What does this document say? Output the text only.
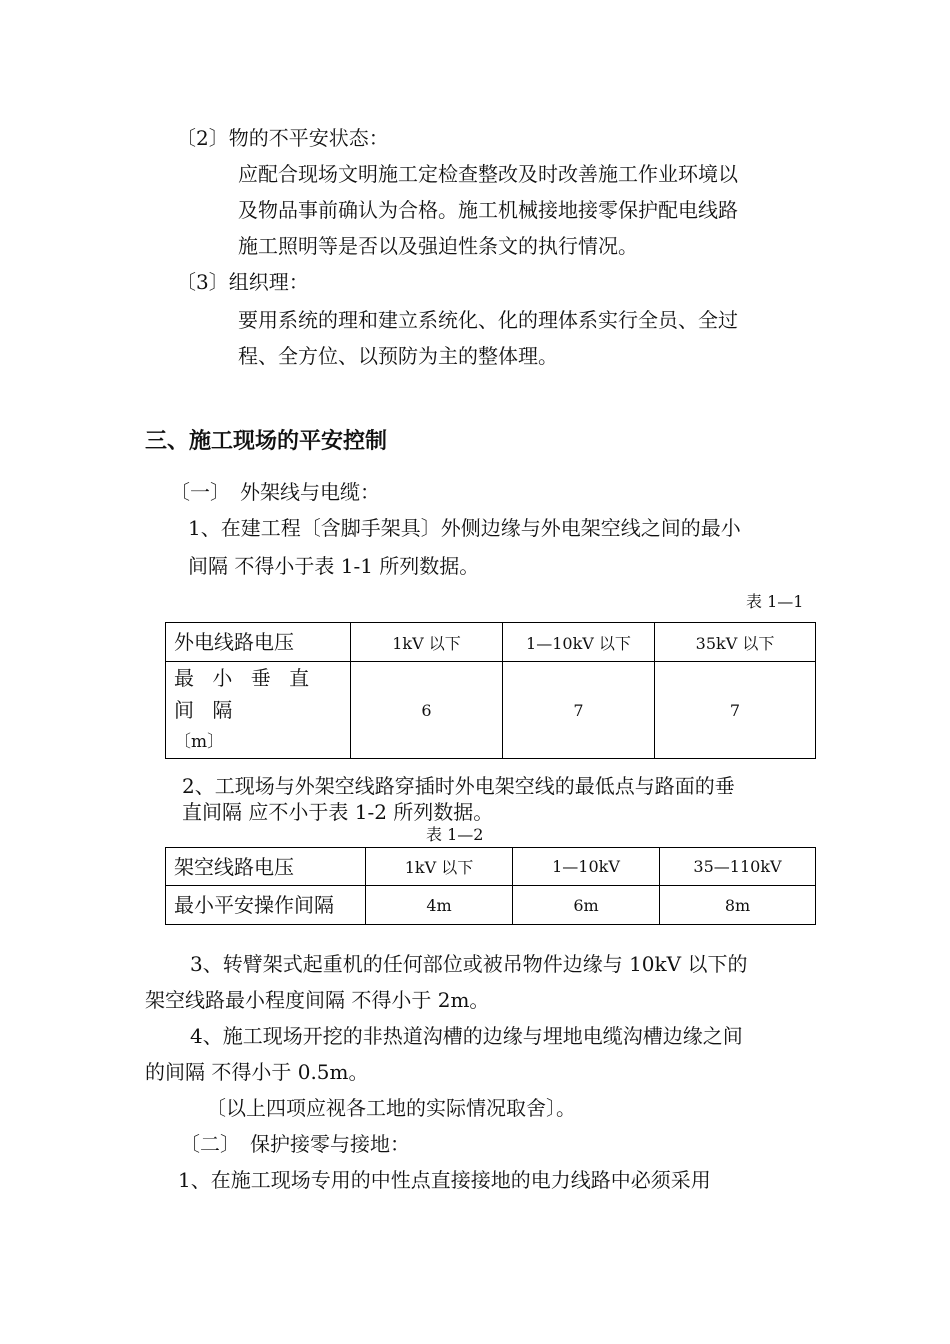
〔2〕物的不平安状态：
应配合现场文明施工定检查整改及时改善施工作业环境以
及物品事前确认为合格。施工机械接地接零保护配电线路
施工照明等是否以及强迫性条文的执行情况。
〔3〕组织理：
要用系统的理和建立系统化、化的理体系实行全员、全过
程、全方位、以预防为主的整体理。
三、施工现场的平安控制
〔一〕　外架线与电缆：
1、在建工程〔含脚手架具〕外侧边缘与外电架空线之间的最小
间隔 不得小于表 1-1 所列数据。
表 1—1
外电线路电压	1kV 以下	1—10kV 以下	35kV 以下

最 小 垂 直 间 隔
〔m〕	6	7	7
2、工现场与外架空线路穿插时外电架空线的最低点与路面的垂
直间隔 应不小于表 1-2 所列数据。
表 1—2
架空线路电压	1kV 以下	1—10kV	35—110kV
最小平安操作间隔	4m	6m	8m
3、转臂架式起重机的任何部位或被吊物件边缘与 10kV 以下的
架空线路最小程度间隔 不得小于 2m。
4、施工现场开挖的非热道沟槽的边缘与埋地电缆沟槽边缘之间
的间隔 不得小于 0.5m。
〔以上四项应视各工地的实际情况取舍〕。
〔二〕　保护接零与接地：
1、在施工现场专用的中性点直接接地的电力线路中必须采用
